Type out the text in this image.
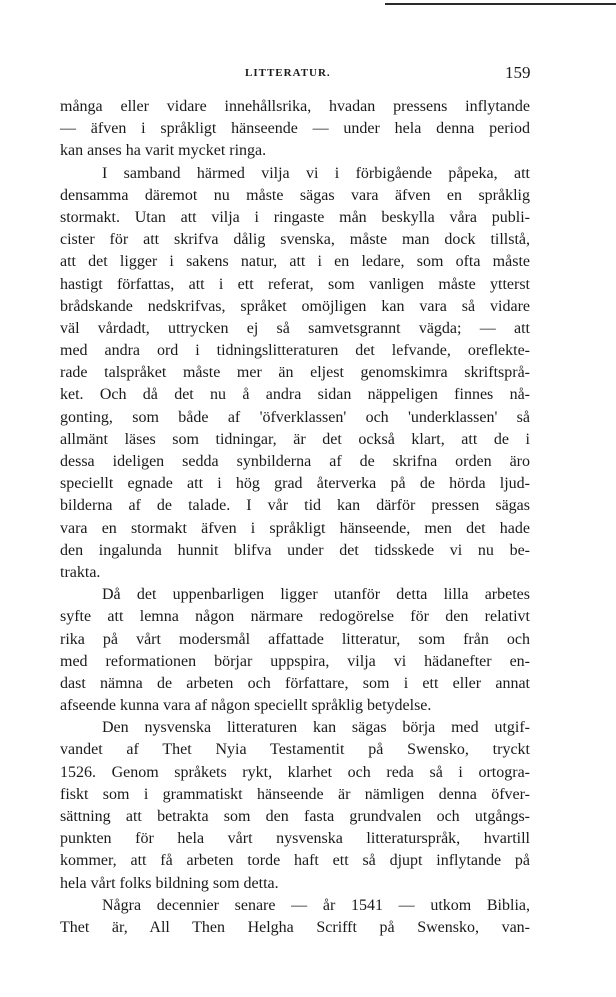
LITTERATUR.	159
många eller vidare innehållsrika, hvadan pressens inflytande
— äfven i språkligt hänseende — under hela denna period
kan anses ha varit mycket ringa.
I samband härmed vilja vi i förbigående påpeka, att
densamma däremot nu måste sägas vara äfven en språklig
stormakt. Utan att vilja i ringaste mån beskylla våra publi-
cister för att skrifva dålig svenska, måste man dock tillstå,
att det ligger i sakens natur, att i en ledare, som ofta måste
hastigt författas, att i ett referat, som vanligen måste ytterst
brådskande nedskrifvas, språket omöjligen kan vara så vidare
väl vårdadt, uttrycken ej så samvetsgrannt vägda; — att
med andra ord i tidningslitteraturen det lefvande, oreflekte-
rade talspråket måste mer än eljest genomskimra skriftsprå-
ket. Och då det nu å andra sidan näppeligen finnes nå-
gonting, som både af 'öfverklassen' och 'underklassen' så
allmänt läses som tidningar, är det också klart, att de i
dessa ideligen sedda synbilderna af de skrifna orden äro
speciellt egnade att i hög grad återverka på de hörda ljud-
bilderna af de talade. I vår tid kan därför pressen sägas
vara en stormakt äfven i språkligt hänseende, men det hade
den ingalunda hunnit blifva under det tidsskede vi nu be-
trakta.
Då det uppenbarligen ligger utanför detta lilla arbetes
syfte att lemna någon närmare redogörelse för den relativt
rika på vårt modersmål affattade litteratur, som från och
med reformationen börjar uppspira, vilja vi hädanefter en-
dast nämna de arbeten och författare, som i ett eller annat
afseende kunna vara af någon speciellt språklig betydelse.
Den nysvenska litteraturen kan sägas börja med utgif-
vandet af Thet Nyia Testamentit på Swensko, tryckt
1526. Genom språkets rykt, klarhet och reda så i ortogra-
fiskt som i grammatiskt hänseende är nämligen denna öfver-
sättning att betrakta som den fasta grundvalen och utgångs-
punkten för hela vårt nysvenska litteraturspråk, hvartill
kommer, att få arbeten torde haft ett så djupt inflytande på
hela vårt folks bildning som detta.
Några decennier senare — år 1541 — utkom Biblia,
Thet är, All Then Helgha Scrifft på Swensko, van-
